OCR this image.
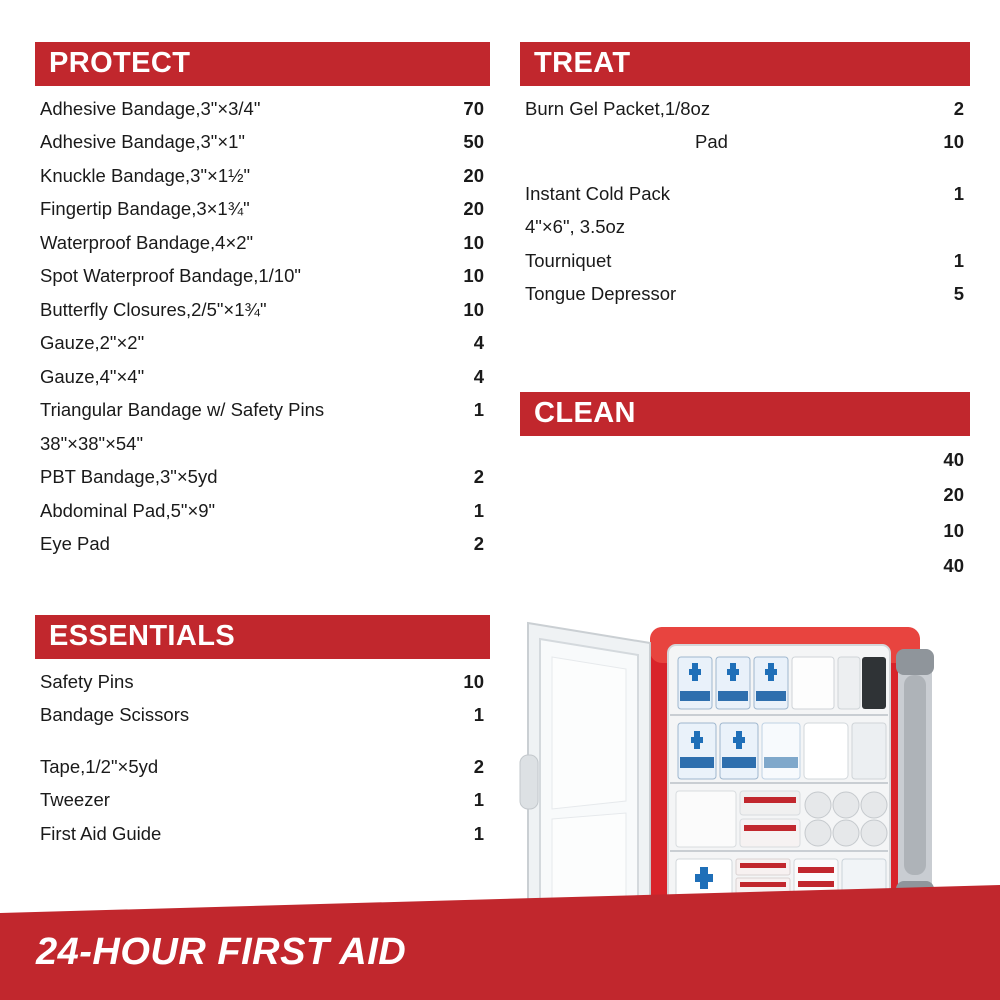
PROTECT
Adhesive Bandage,3"×3/4"	70
Adhesive Bandage,3"×1"	50
Knuckle Bandage,3"×1½"	20
Fingertip Bandage,3×1¾"	20
Waterproof Bandage,4×2"	10
Spot Waterproof Bandage,1/10"	10
Butterfly Closures,2/5"×1¾"	10
Gauze,2"×2"	4
Gauze,4"×4"	4
Triangular Bandage w/ Safety Pins	1
38"×38"×54"
PBT Bandage,3"×5yd	2
Abdominal Pad,5"×9"	1
Eye Pad	2
TREAT
Burn Gel Packet,1/8oz	2
Pad	10
Instant Cold Pack	1
4"×6", 3.5oz
Tourniquet	1
Tongue Depressor	5
CLEAN
40
20
10
40
ESSENTIALS
Safety Pins	10
Bandage Scissors	1
Tape,1/2"×5yd	2
Tweezer	1
First Aid Guide	1
24-HOUR FIRST AID
